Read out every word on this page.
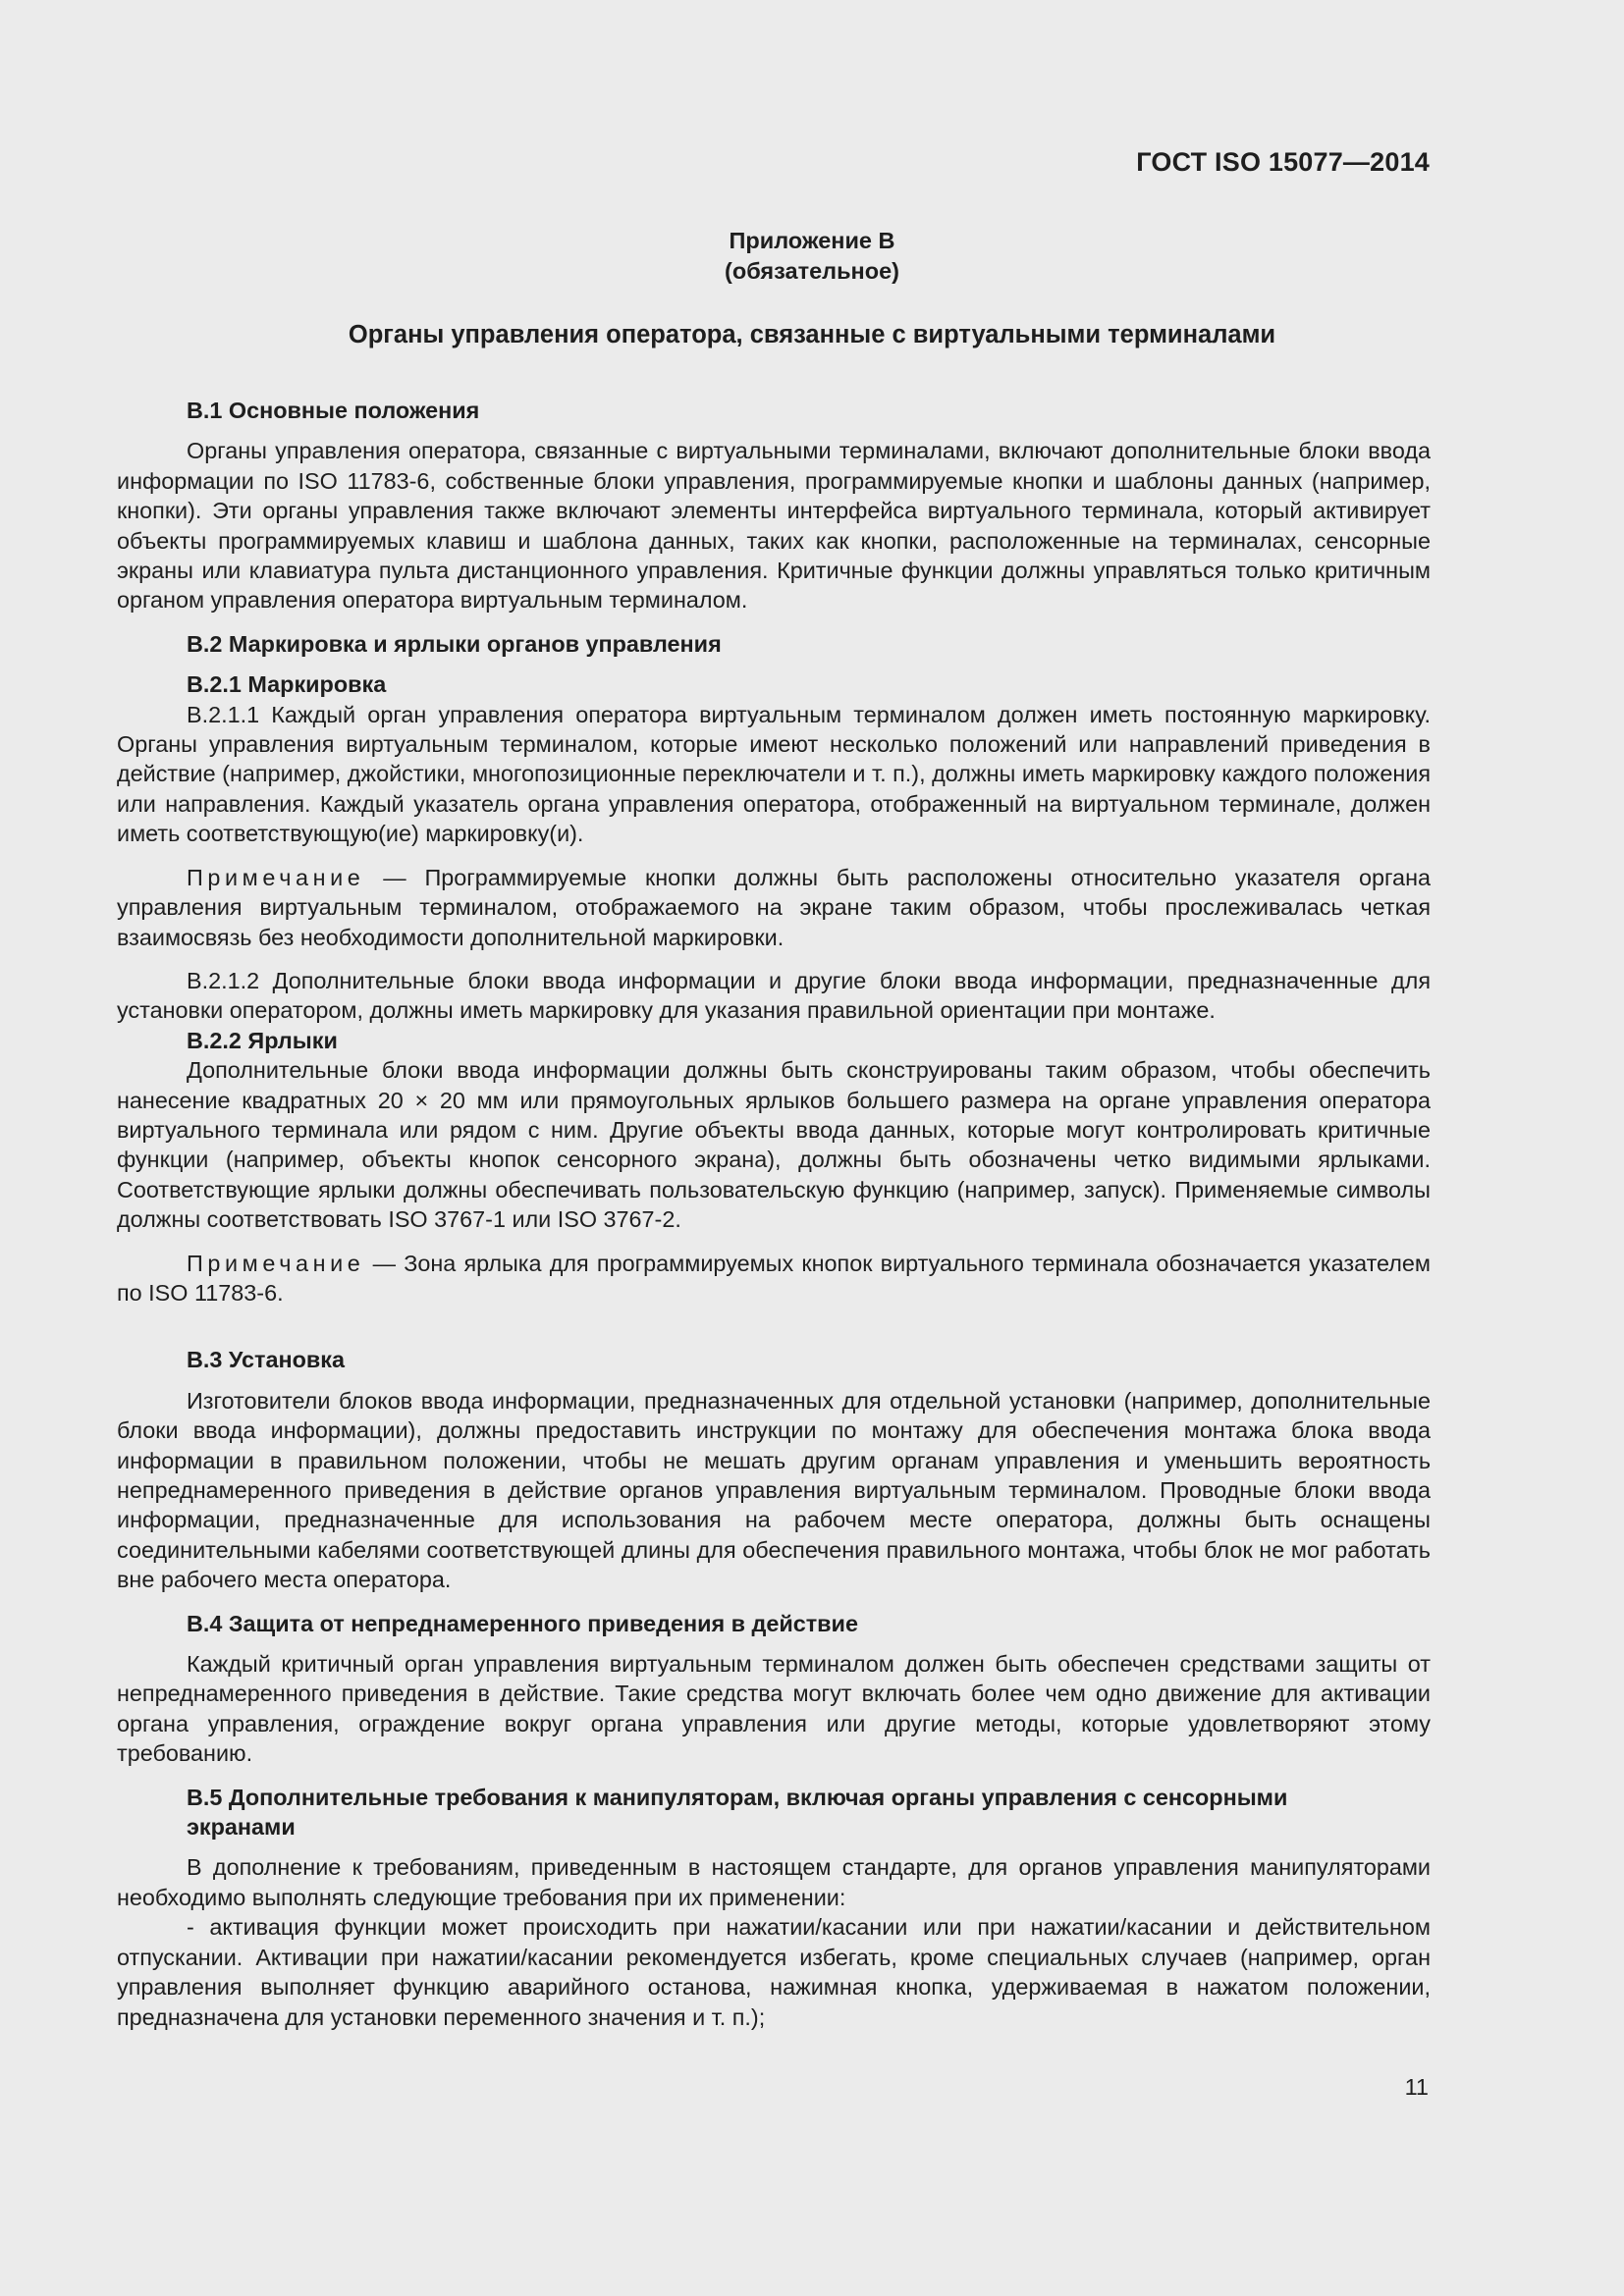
ГОСТ ISO 15077—2014
Приложение В
(обязательное)
Органы управления оператора, связанные с виртуальными терминалами

В.1 Основные положения

Органы управления оператора, связанные с виртуальными терминалами, включают дополнительные блоки ввода информации по ISO 11783-6, собственные блоки управления, программируемые кнопки и шаблоны данных (например, кнопки). Эти органы управления также включают элементы интерфейса виртуального терминала, который активирует объекты программируемых клавиш и шаблона данных, таких как кнопки, расположенные на терминалах, сенсорные экраны или клавиатура пульта дистанционного управления. Критичные функции должны управляться только критичным органом управления оператора виртуальным терминалом.

В.2 Маркировка и ярлыки органов управления

В.2.1 Маркировка

В.2.1.1 Каждый орган управления оператора виртуальным терминалом должен иметь постоянную маркировку. Органы управления виртуальным терминалом, которые имеют несколько положений или направлений приведения в действие (например, джойстики, многопозиционные переключатели и т. п.), должны иметь маркировку каждого положения или направления. Каждый указатель органа управления оператора, отображенный на виртуальном терминале, должен иметь соответствующую(ие) маркировку(и).

Примечание — Программируемые кнопки должны быть расположены относительно указателя органа управления виртуальным терминалом, отображаемого на экране таким образом, чтобы прослеживалась четкая взаимосвязь без необходимости дополнительной маркировки.

В.2.1.2 Дополнительные блоки ввода информации и другие блоки ввода информации, предназначенные для установки оператором, должны иметь маркировку для указания правильной ориентации при монтаже.

В.2.2 Ярлыки

Дополнительные блоки ввода информации должны быть сконструированы таким образом, чтобы обеспечить нанесение квадратных 20 × 20 мм или прямоугольных ярлыков большего размера на органе управления оператора виртуального терминала или рядом с ним. Другие объекты ввода данных, которые могут контролировать критичные функции (например, объекты кнопок сенсорного экрана), должны быть обозначены четко видимыми ярлыками. Соответствующие ярлыки должны обеспечивать пользовательскую функцию (например, запуск). Применяемые символы должны соответствовать ISO 3767-1 или ISO 3767-2.

Примечание — Зона ярлыка для программируемых кнопок виртуального терминала обозначается указателем по ISO 11783-6.

В.3 Установка

Изготовители блоков ввода информации, предназначенных для отдельной установки (например, дополнительные блоки ввода информации), должны предоставить инструкции по монтажу для обеспечения монтажа блока ввода информации в правильном положении, чтобы не мешать другим органам управления и уменьшить вероятность непреднамеренного приведения в действие органов управления виртуальным терминалом. Проводные блоки ввода информации, предназначенные для использования на рабочем месте оператора, должны быть оснащены соединительными кабелями соответствующей длины для обеспечения правильного монтажа, чтобы блок не мог работать вне рабочего места оператора.

В.4 Защита от непреднамеренного приведения в действие

Каждый критичный орган управления виртуальным терминалом должен быть обеспечен средствами защиты от непреднамеренного приведения в действие. Такие средства могут включать более чем одно движение для активации органа управления, ограждение вокруг органа управления или другие методы, которые удовлетворяют этому требованию.

В.5 Дополнительные требования к манипуляторам, включая органы управления с сенсорными экранами

В дополнение к требованиям, приведенным в настоящем стандарте, для органов управления манипуляторами необходимо выполнять следующие требования при их применении:

- активация функции может происходить при нажатии/касании или при нажатии/касании и действительном отпускании. Активации при нажатии/касании рекомендуется избегать, кроме специальных случаев (например, орган управления выполняет функцию аварийного останова, нажимная кнопка, удерживаемая в нажатом положении, предназначена для установки переменного значения и т. п.);

11
